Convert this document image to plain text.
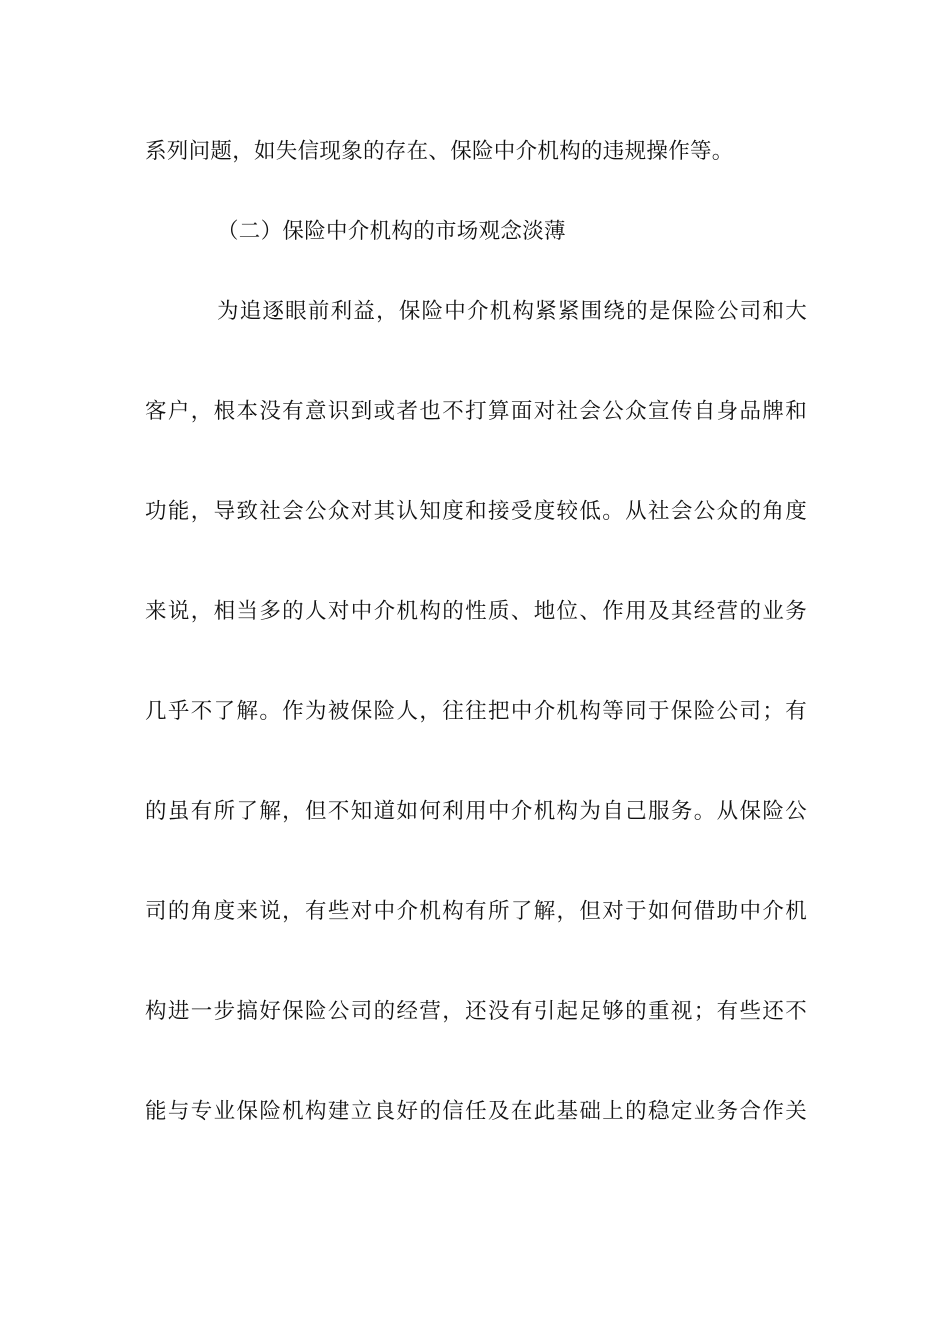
系列问题，如失信现象的存在、保险中介机构的违规操作等。
（二）保险中介机构的市场观念淡薄
为追逐眼前利益，保险中介机构紧紧围绕的是保险公司和大
客户，根本没有意识到或者也不打算面对社会公众宣传自身品牌和
功能，导致社会公众对其认知度和接受度较低。从社会公众的角度
来说，相当多的人对中介机构的性质、地位、作用及其经营的业务
几乎不了解。作为被保险人，往往把中介机构等同于保险公司；有
的虽有所了解，但不知道如何利用中介机构为自己服务。从保险公
司的角度来说，有些对中介机构有所了解，但对于如何借助中介机
构进一步搞好保险公司的经营，还没有引起足够的重视；有些还不
能与专业保险机构建立良好的信任及在此基础上的稳定业务合作关
